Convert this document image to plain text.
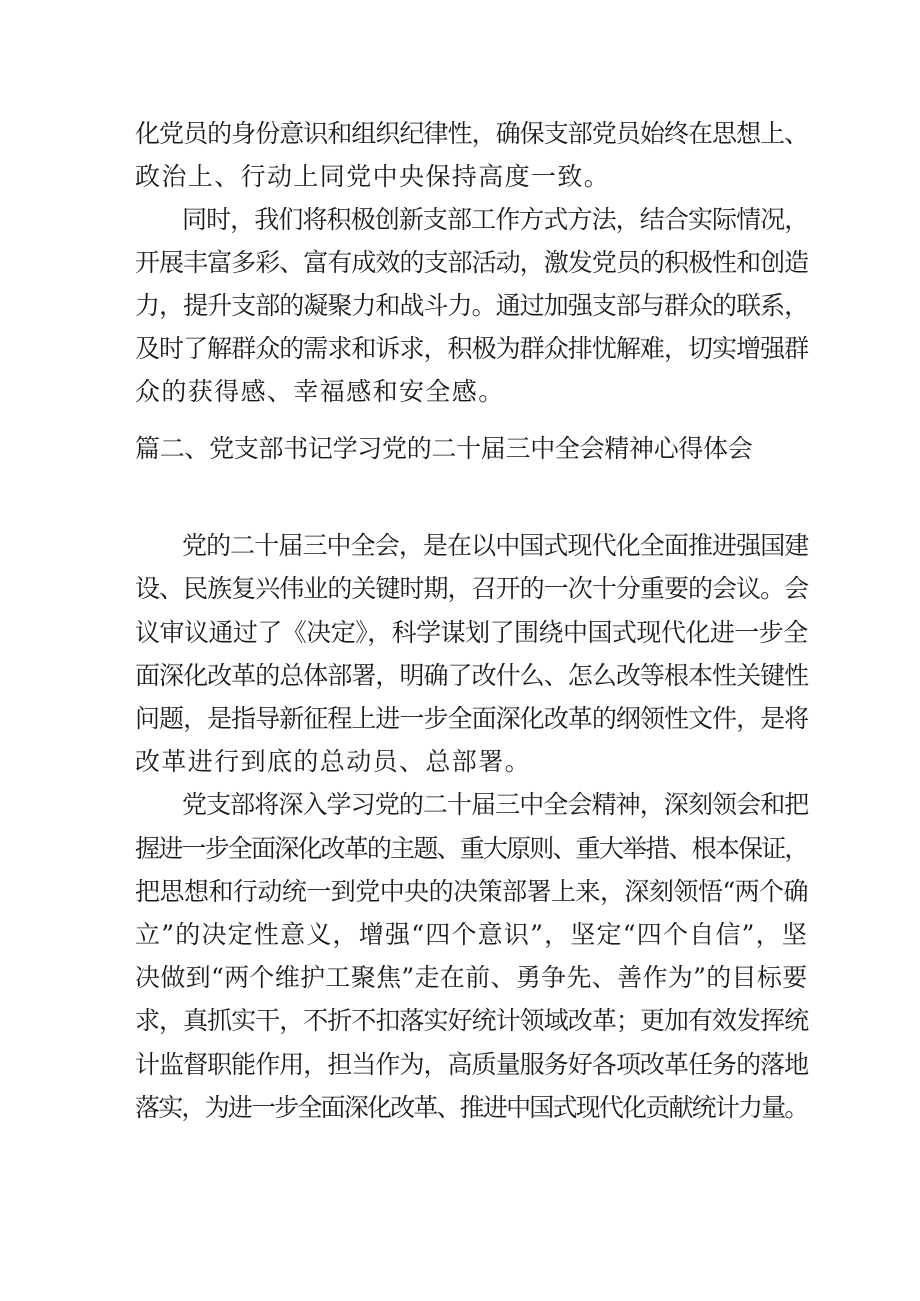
化党员的身份意识和组织纪律性，确保支部党员始终在思想上、
政治上、行动上同党中央保持高度一致。
同时，我们将积极创新支部工作方式方法，结合实际情况，
开展丰富多彩、富有成效的支部活动，激发党员的积极性和创造
力，提升支部的凝聚力和战斗力。通过加强支部与群众的联系，
及时了解群众的需求和诉求，积极为群众排忧解难，切实增强群
众的获得感、幸福感和安全感。
篇二、党支部书记学习党的二十届三中全会精神心得体会
党的二十届三中全会，是在以中国式现代化全面推进强国建
设、民族复兴伟业的关键时期，召开的一次十分重要的会议。会
议审议通过了《决定》，科学谋划了围绕中国式现代化进一步全
面深化改革的总体部署，明确了改什么、怎么改等根本性关键性
问题，是指导新征程上进一步全面深化改革的纲领性文件，是将
改革进行到底的总动员、总部署。
党支部将深入学习党的二十届三中全会精神，深刻领会和把
握进一步全面深化改革的主题、重大原则、重大举措、根本保证，
把思想和行动统一到党中央的决策部署上来，深刻领悟“两个确
立”的决定性意义，增强“四个意识”，坚定“四个自信”，坚
决做到“两个维护工聚焦”走在前、勇争先、善作为”的目标要
求，真抓实干，不折不扣落实好统计领域改革；更加有效发挥统
计监督职能作用，担当作为，高质量服务好各项改革任务的落地
落实，为进一步全面深化改革、推进中国式现代化贡献统计力量。
